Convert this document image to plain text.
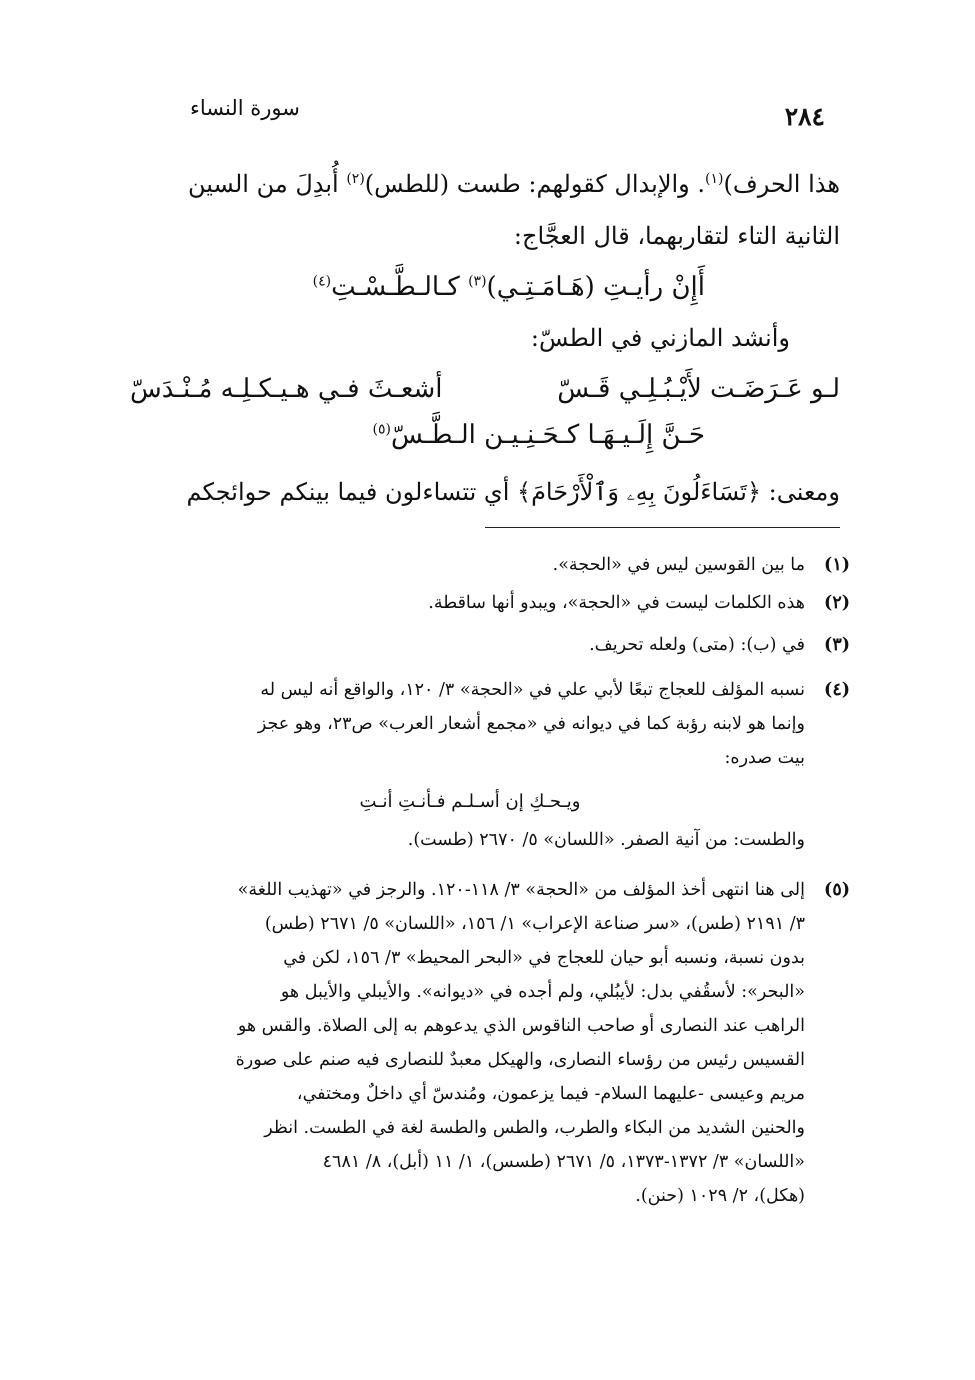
٢٨٤
سورة النساء
هذا الحرف)$^{(١)}$. والإبدال كقولهم: طست (للطس)$^{(٢)}$ أُبدِلَ من السين
الثانية التاء لتقاربهما، قال العجَّاج:
أَإِنْ رأيـتِ (هَـامَـتِـي)$^{(٣)}$ كـالـطَّـسْـتِ$^{(٤)}$
وأنشد المازني في الطسّ:
لـو عَـرَضَـت لأَيْـبُـلِـي قَـسّ
أشعـثَ فـي هـيـكـلِـه مُـنْـدَسّ
حَـنَّ إِلَـيـهَـا كـحَـنِـيـن الـطَّـسّ$^{(٥)}$
ومعنى: ﴿تَسَاءَلُونَ بِهِۦ وَٱلْأَرْحَامَ﴾ أي تتساءلون فيما بينكم حوائجكم
(١)
ما بين القوسين ليس في «الحجة».
(٢)
هذه الكلمات ليست في «الحجة»، ويبدو أنها ساقطة.
(٣)
في (ب): (متى) ولعله تحريف.
(٤)
نسبه المؤلف للعجاج تبعًا لأبي علي في «الحجة» ٣/ ١٢٠، والواقع أنه ليس له
وإنما هو لابنه رؤبة كما في ديوانه في «مجمع أشعار العرب» ص٢٣، وهو عجز
بيت صدره:
ويـحـكِ إن أسـلـم فـأنـتِ أنـتِ
والطست: من آنية الصفر. «اللسان» ٥/ ٢٦٧٠ (طست).
(٥)
إلى هنا انتهى أخذ المؤلف من «الحجة» ٣/ ١١٨-١٢٠. والرجز في «تهذيب اللغة»
٣/ ٢١٩١ (طس)، «سر صناعة الإعراب» ١/ ١٥٦، «اللسان» ٥/ ٢٦٧١ (طس)
بدون نسبة، ونسبه أبو حيان للعجاج في «البحر المحيط» ٣/ ١٥٦، لكن في
«البحر»: لأسقُفي بدل: لأيبُلي، ولم أجده في «ديوانه». والأيبلي والأيبل هو
الراهب عند النصارى أو صاحب الناقوس الذي يدعوهم به إلى الصلاة. والقس هو
القسيس رئيس من رؤساء النصارى، والهيكل معبدٌ للنصارى فيه صنم على صورة
مريم وعيسى -عليهما السلام- فيما يزعمون، ومُندسّ أي داخلٌ ومختفي،
والحنين الشديد من البكاء والطرب، والطس والطسة لغة في الطست. انظر
«اللسان» ٣/ ١٣٧٢-١٣٧٣، ٥/ ٢٦٧١ (طسس)، ١/ ١١ (أبل)، ٨/ ٤٦٨١
(هكل)، ٢/ ١٠٢٩ (حنن).
